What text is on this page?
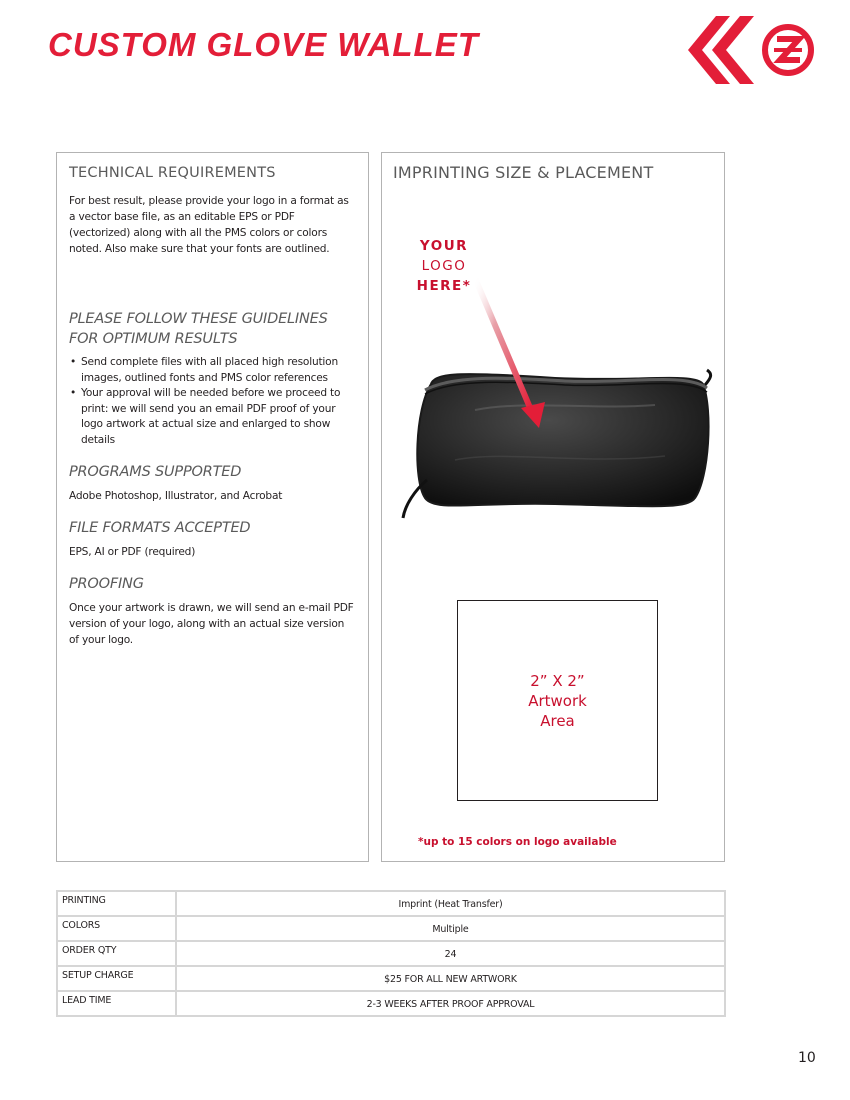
CUSTOM GLOVE WALLET
TECHNICAL REQUIREMENTS

For best result, please provide your logo in a format as a vector base file, as an editable EPS or PDF (vectorized) along with all the PMS colors or colors noted. Also make sure that your fonts are outlined.

PLEASE FOLLOW THESE GUIDELINES FOR OPTIMUM RESULTS
• Send complete files with all placed high resolution images, outlined fonts and PMS color references
• Your approval will be needed before we proceed to print: we will send you an email PDF proof of your logo artwork at actual size and enlarged to show details
PROGRAMS SUPPORTED

Adobe Photoshop, Illustrator, and Acrobat

FILE FORMATS ACCEPTED

EPS, AI or PDF (required)

PROOFING

Once your artwork is drawn, we will send an e-mail PDF version of your logo, along with an actual size version of your logo.

IMPRINTING SIZE & PLACEMENT
YOUR
LOGO
HERE*
2” X 2”
Artwork
Area
*up to 15 colors on logo available
PRINTING	Imprint (Heat Transfer)
COLORS	Multiple
ORDER QTY	24
SETUP CHARGE	$25 FOR ALL NEW ARTWORK
LEAD TIME	2-3 WEEKS AFTER PROOF APPROVAL
10
